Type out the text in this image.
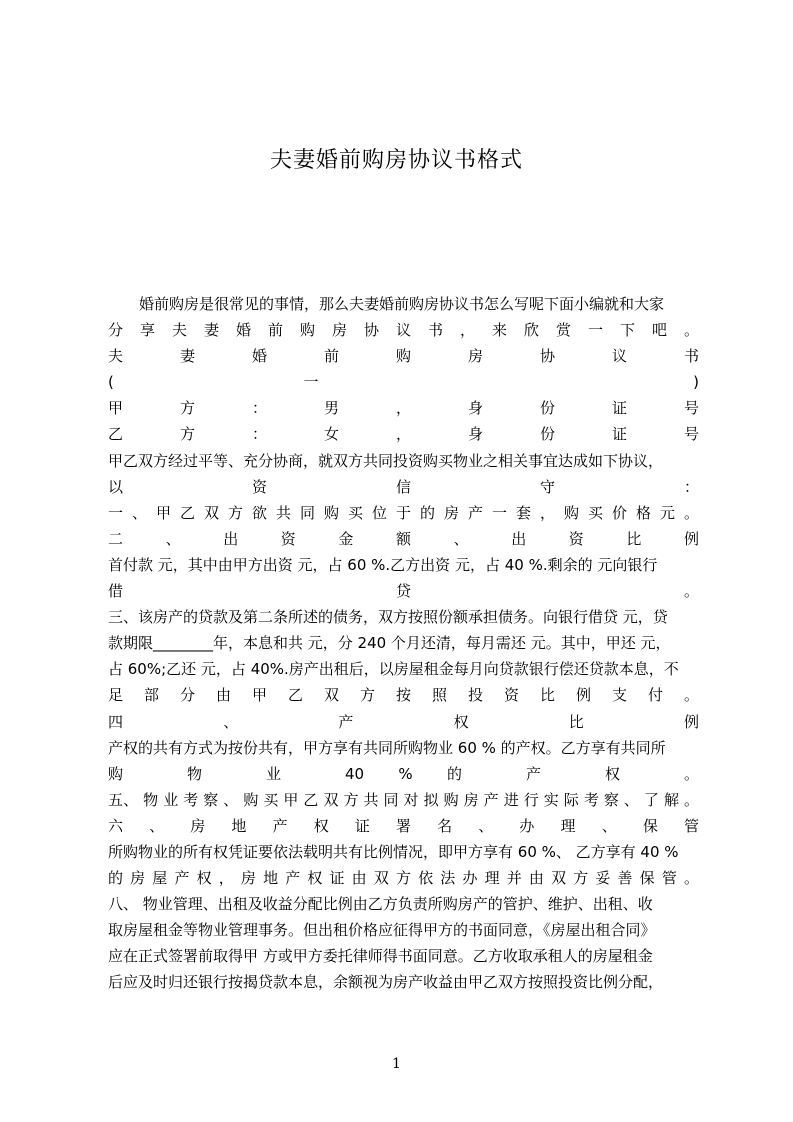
夫妻婚前购房协议书格式
婚前购房是很常见的事情，那么夫妻婚前购房协议书怎么写呢下面小编就和大家
分 享 夫 妻 婚 前 购 房 协 议 书 ， 来 欣 赏 一 下 吧 。
夫 妻 婚 前 购 房 协 议 书
( 一 )
甲 方 ： 男 ， 身 份 证 号
乙 方 ： 女 ， 身 份 证 号
甲乙双方经过平等、充分协商，就双方共同投资购买物业之相关事宜达成如下协议，
以 资 信 守 ：
一 、 甲 乙 双 方 欲 共 同 购 买 位 于 的 房 产 一 套 ， 购 买 价 格 元 。
二 、 出 资 金 额 、 出 资 比 例
首付款 元，其中由甲方出资 元，占 60 %.乙方出资 元，占 40 %.剩余的 元向银行
借 贷 。
三、该房产的贷款及第二条所述的债务，双方按照份额承担债务。向银行借贷 元，贷
款期限________年，本息和共 元，分 240 个月还清，每月需还 元。其中，甲还 元，
占 60%;乙还 元，占 40%.房产出租后，以房屋租金每月向贷款银行偿还贷款本息，不
足 部 分 由 甲 乙 双 方 按 照 投 资 比 例 支 付 。
四 、 产 权 比 例
产权的共有方式为按份共有，甲方享有共同所购物业 60 % 的产权。乙方享有共同所
购 物 业 40 % 的 产 权 。
五、 物 业 考 察 、 购 买 甲 乙 双 方 共 同 对 拟 购 房 产 进 行 实 际 考 察 、 了 解 。
六 、 房 地 产 权 证 署 名 、 办 理 、 保 管
所购物业的所有权凭证要依法载明共有比例情况，即甲方享有 60 %、 乙方享有 40 %
的 房 屋 产 权 ， 房 地 产 权 证 由 双 方 依 法 办 理 并 由 双 方 妥 善 保 管 。
八、 物业管理、出租及收益分配比例由乙方负责所购房产的管护、维护、出租、收
取房屋租金等物业管理事务。但出租价格应征得甲方的书面同意，《房屋出租合同》
应在正式签署前取得甲 方或甲方委托律师得书面同意。乙方收取承租人的房屋租金
后应及时归还银行按揭贷款本息，余额视为房产收益由甲乙双方按照投资比例分配，
1
